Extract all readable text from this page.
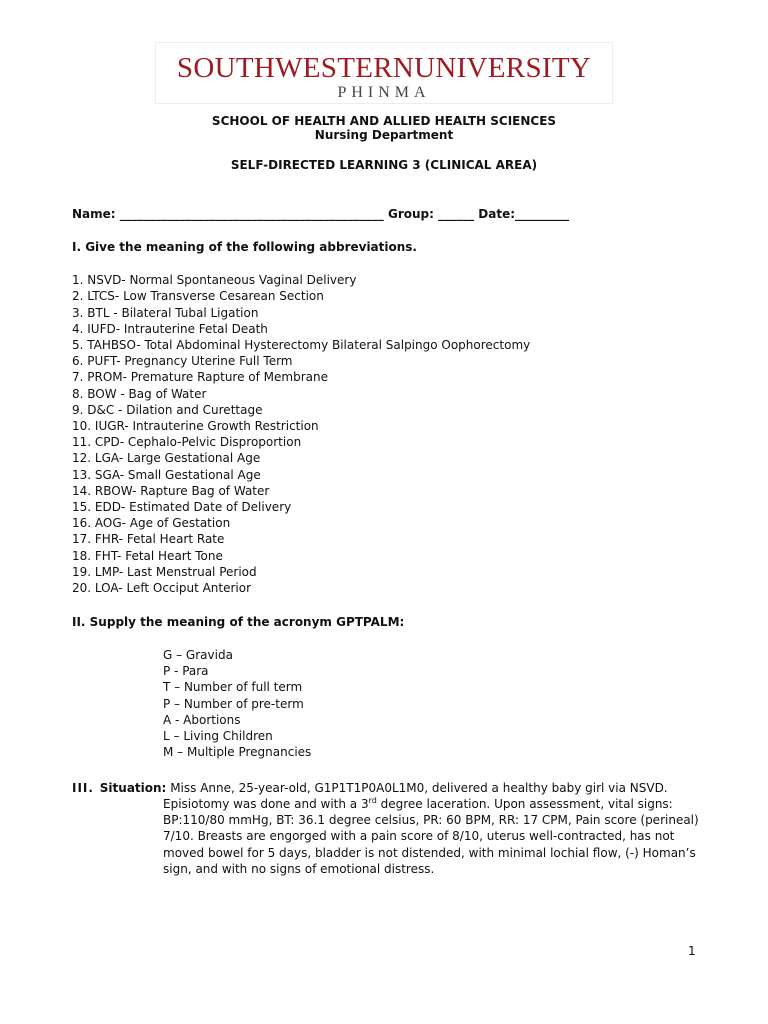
SOUTHWESTERNUNIVERSITY
PHINMA
SCHOOL OF HEALTH AND ALLIED HEALTH SCIENCES
Nursing Department
SELF-DIRECTED LEARNING 3 (CLINICAL AREA)
Name: ____________________________________________ Group: ______ Date:_________
I. Give the meaning of the following abbreviations.
1. NSVD- Normal Spontaneous Vaginal Delivery
2. LTCS- Low Transverse Cesarean Section
3. BTL - Bilateral Tubal Ligation
4. IUFD- Intrauterine Fetal Death
5. TAHBSO- Total Abdominal Hysterectomy Bilateral Salpingo Oophorectomy
6. PUFT- Pregnancy Uterine Full Term
7. PROM- Premature Rapture of Membrane
8. BOW - Bag of Water
9. D&C - Dilation and Curettage
10. IUGR- Intrauterine Growth Restriction
11. CPD- Cephalo-Pelvic Disproportion
12. LGA- Large Gestational Age
13. SGA- Small Gestational Age
14. RBOW- Rapture Bag of Water
15. EDD- Estimated Date of Delivery
16. AOG- Age of Gestation
17. FHR- Fetal Heart Rate
18. FHT- Fetal Heart Tone
19. LMP- Last Menstrual Period
20. LOA- Left Occiput Anterior
II. Supply the meaning of the acronym GPTPALM:
G – Gravida
P - Para
T – Number of full term
P – Number of pre-term
A - Abortions
L – Living Children
M – Multiple Pregnancies
III. Situation: Miss Anne, 25-year-old, G1P1T1P0A0L1M0, delivered a healthy baby girl via NSVD.
Episiotomy was done and with a 3rd degree laceration. Upon assessment, vital signs:
BP:110/80 mmHg, BT: 36.1 degree celsius, PR: 60 BPM, RR: 17 CPM, Pain score (perineal)
7/10. Breasts are engorged with a pain score of 8/10, uterus well-contracted, has not
moved bowel for 5 days, bladder is not distended, with minimal lochial flow, (-) Homan’s
sign, and with no signs of emotional distress.
1
